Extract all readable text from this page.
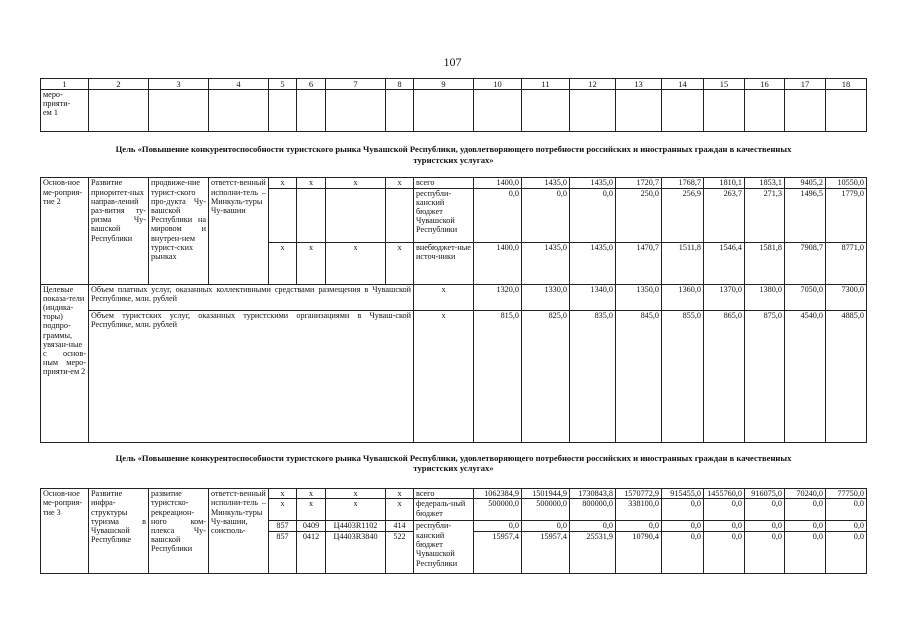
107
1	2	3	4	5	6	7	8	9	10	11	12	13	14	15	16	17	18
меро-
прияти-
ем 1																	
Цель «Повышение конкурентоспособности туристского рынка Чувашской Республики, удовлетворяющего потребности российских и иностранных граждан в качественных туристских услугах»																	
Основ-ное ме-роприя-тие 2	Развитие приоритет-ных направ-лений раз-вития ту-ризма Чу-вашской Республики	продвиже-ние турист-ского про-дукта Чу-вашской Республики на мировом и внутрен-нем турист-ских рынках	ответст-венный исполни-тель – Минкуль-туры Чу-вашии	x	x	x	x	всего	1400,0	1435,0	1435,0	1720,7	1768,7	1810,1	1853,1	9405,2	10550,0
								республи-канский бюджет Чувашской Республики	0,0	0,0	0,0	250,0	256,9	263,7	271,3	1496,5	1779,0
				x	x	x	x	внебюджет-ные источ-ники	1400,0	1435,0	1435,0	1470,7	1511,8	1546,4	1581,8	7908,7	8771,0
Целевые показа-тели (индика-торы) подпро-граммы, увязан-ные с основ-ным меро-прияти-ем 2	Объем платных услуг, оказанных коллективными средствами размещения в Чувашской Республике, млн. рублей							x	1320,0	1330,0	1340,0	1350,0	1360,0	1370,0	1380,0	7050,0	7300,0
	Объем туристских услуг, оказанных туристскими организациями в Чуваш-ской Республике, млн. рублей							x	815,0	825,0	835,0	845,0	855,0	865,0	875,0	4540,0	4885,0
Цель «Повышение конкурентоспособности туристского рынка Чувашской Республики, удовлетворяющего потребности российских и иностранных граждан в качественных туристских услугах»																	
Основ-ное ме-роприя-тие 3	Развитие инфра-структуры туризма в Чувашской Республике	развитие туристско-рекреацион-ного ком-плекса Чу-вашской Республики	ответст-венный исполни-тель – Минкуль-туры Чу-вашии, соисполь-	x	x	x	x	всего	1062384,9	1501944,9	1730843,8	1570772,9	915455,0	1455760,0	916075,0	70240,0	77750,0
				x	x	x	x	федераль-ный бюджет	500000,0	500000,0	800000,0	338100,0	0,0	0,0	0,0	0,0	0,0
				857	0409	Ц4403R1102	414	республи-	0,0	0,0	0,0	0,0	0,0	0,0	0,0	0,0	0,0
				857	0412	Ц4403R3840	522	канский бюджет Чувашской Республики	15957,4	15957,4	25531,9	10790,4	0,0	0,0	0,0	0,0	0,0
